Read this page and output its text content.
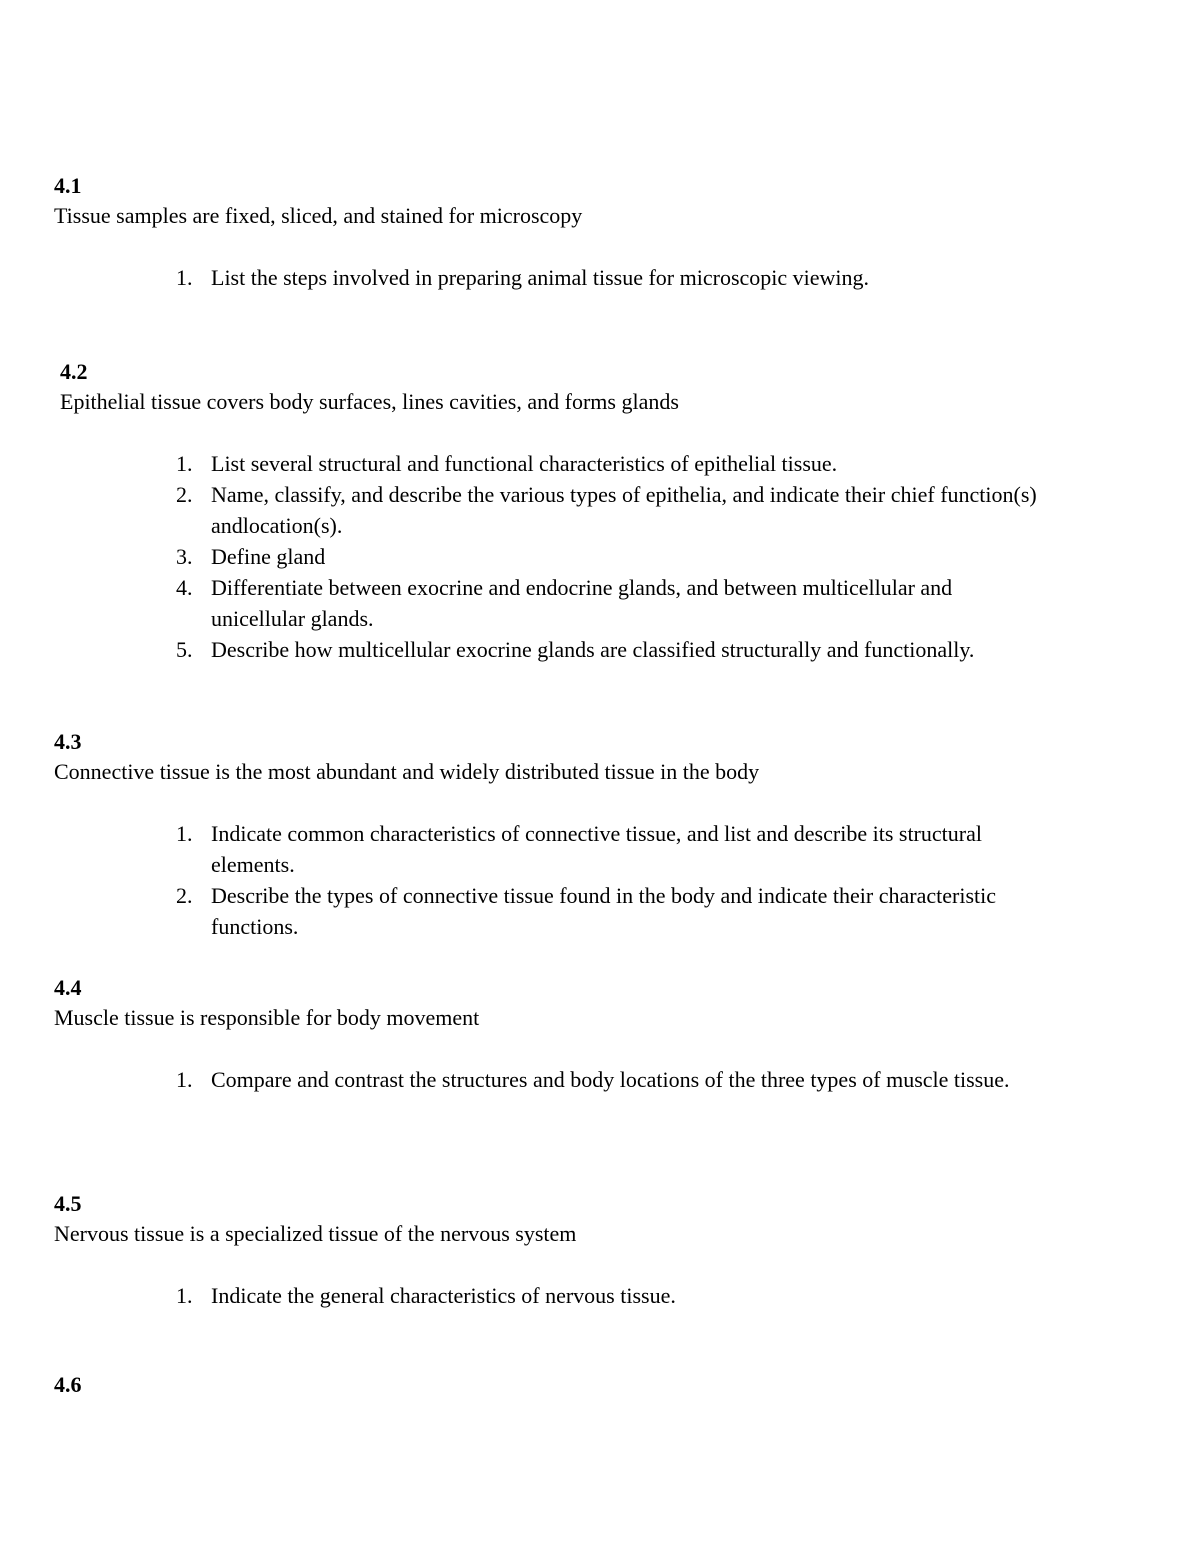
4.1
Tissue samples are fixed, sliced, and stained for microscopy
1. List the steps involved in preparing animal tissue for microscopic viewing.
4.2
Epithelial tissue covers body surfaces, lines cavities, and forms glands
1. List several structural and functional characteristics of epithelial tissue.
2. Name, classify, and describe the various types of epithelia, and indicate their chief function(s) andlocation(s).
3. Define gland
4. Differentiate between exocrine and endocrine glands, and between multicellular and unicellular glands.
5. Describe how multicellular exocrine glands are classified structurally and functionally.
4.3
Connective tissue is the most abundant and widely distributed tissue in the body
1. Indicate common characteristics of connective tissue, and list and describe its structural elements.
2. Describe the types of connective tissue found in the body and indicate their characteristic functions.
4.4
Muscle tissue is responsible for body movement
1. Compare and contrast the structures and body locations of the three types of muscle tissue.
4.5
Nervous tissue is a specialized tissue of the nervous system
1. Indicate the general characteristics of nervous tissue.
4.6
